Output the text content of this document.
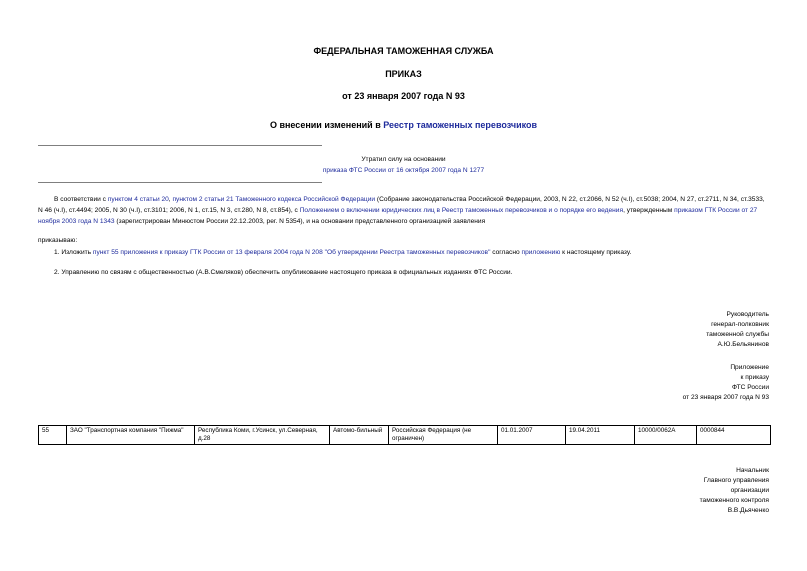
ФЕДЕРАЛЬНАЯ ТАМОЖЕННАЯ СЛУЖБА
ПРИКАЗ
от 23 января 2007 года N 93
О внесении изменений в Реестр таможенных перевозчиков
Утратил силу на основании
приказа ФТС России от 16 октября 2007 года N 1277
В соответствии с пунктом 4 статьи 20, пунктом 2 статьи 21 Таможенного кодекса Российской Федерации (Собрание законодательства Российской Федерации, 2003, N 22, ст.2066, N 52 (ч.I), ст.5038; 2004, N 27, ст.2711, N 34, ст.3533, N 46 (ч.I), ст.4494; 2005, N 30 (ч.I), ст.3101; 2006, N 1, ст.15, N 3, ст.280, N 8, ст.854), с Положением о включении юридических лиц в Реестр таможенных перевозчиков и о порядке его ведения, утвержденным приказом ГТК России от 27 ноября 2003 года N 1343 (зарегистрирован Минюстом России 22.12.2003, рег. N 5354), и на основании представленного организацией заявления
приказываю:
1. Изложить пункт 55 приложения к приказу ГТК России от 13 февраля 2004 года N 208 "Об утверждении Реестра таможенных перевозчиков" согласно приложению к настоящему приказу.
2. Управлению по связям с общественностью (А.В.Смеляков) обеспечить опубликование настоящего приказа в официальных изданиях ФТС России.
Руководитель
генерал-полковник
таможенной службы
А.Ю.Бельянинов
Приложение
к приказу
ФТС России
от 23 января 2007 года N 93
55	ЗАО "Транспортная компания "Пижма"	Республика Коми, г.Усинск, ул.Северная, д.28	Автомо-бильный	Российская Федерация (не ограничен)	01.01.2007	19.04.2011	10000/0062А	0000844
Начальник
Главного управления
организации
таможенного контроля
В.В.Дьяченко
